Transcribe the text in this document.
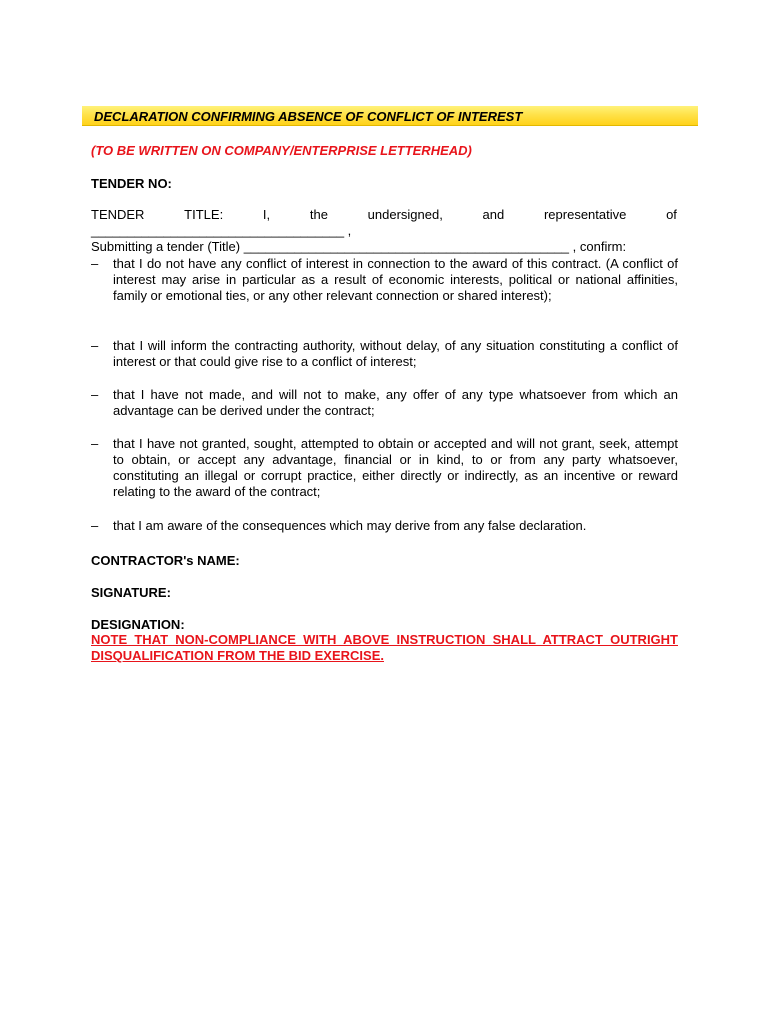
DECLARATION CONFIRMING ABSENCE OF CONFLICT OF INTEREST
(TO BE WRITTEN ON COMPANY/ENTERPRISE LETTERHEAD)
TENDER NO:
TENDER	TITLE:	I,	the	undersigned,	and	representative	of
___________________________________ ,
Submitting a tender (Title) _____________________________________________ , confirm:
– that I do not have any conflict of interest in connection to the award of this contract. (A conflict of interest may arise in particular as a result of economic interests, political or national affinities, family or emotional ties, or any other relevant connection or shared interest);
– that I will inform the contracting authority, without delay, of any situation constituting a conflict of interest or that could give rise to a conflict of interest;
– that I have not made, and will not to make, any offer of any type whatsoever from which an advantage can be derived under the contract;
– that I have not granted, sought, attempted to obtain or accepted and will not grant, seek, attempt to obtain, or accept any advantage, financial or in kind, to or from any party whatsoever, constituting an illegal or corrupt practice, either directly or indirectly, as an incentive or reward relating to the award of the contract;
– that I am aware of the consequences which may derive from any false declaration.
CONTRACTOR's NAME:
SIGNATURE:
DESIGNATION:
NOTE THAT NON-COMPLIANCE WITH ABOVE INSTRUCTION SHALL ATTRACT OUTRIGHT DISQUALIFICATION FROM THE BID EXERCISE.
